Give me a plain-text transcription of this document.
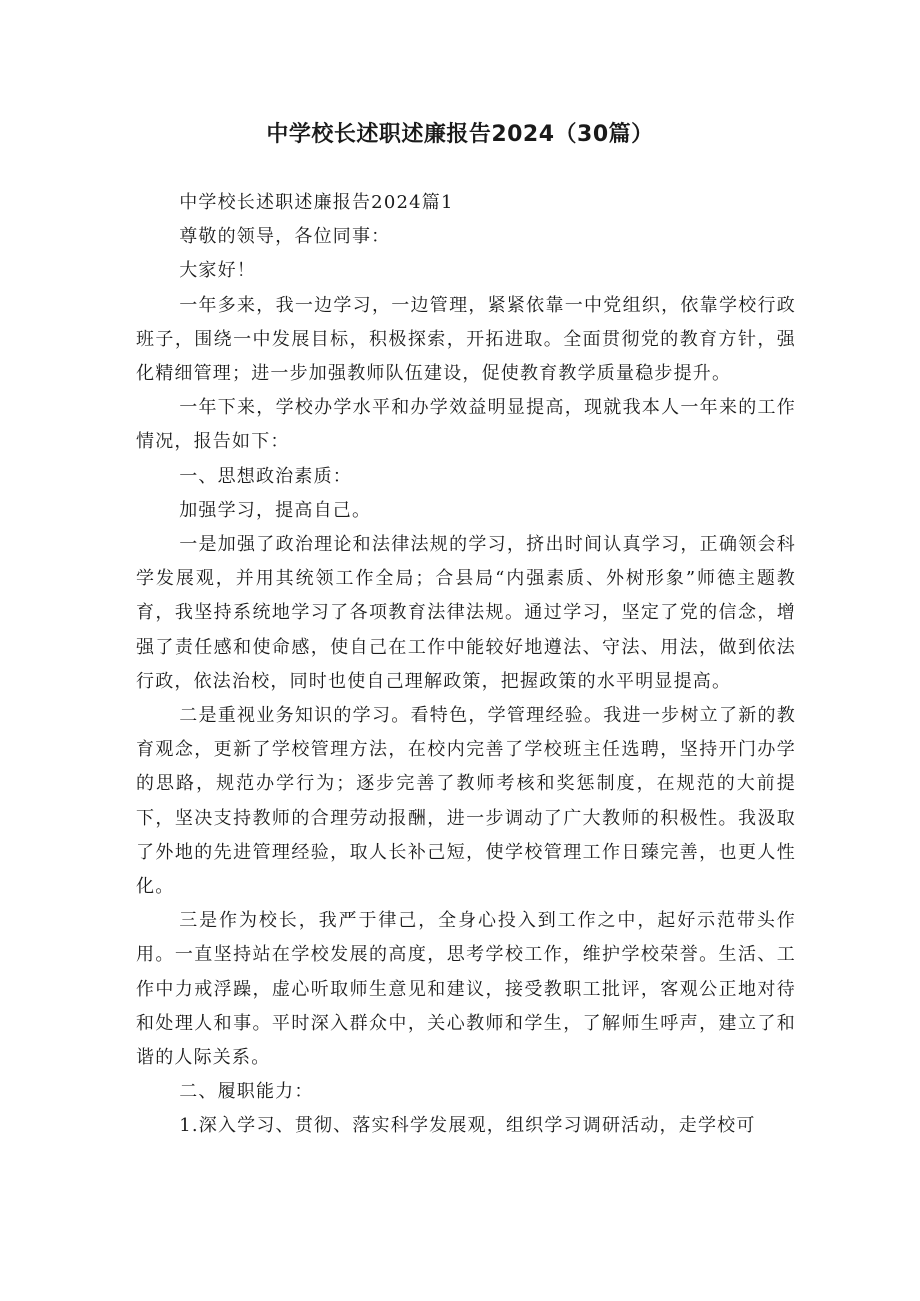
中学校长述职述廉报告2024（30篇）

中学校长述职述廉报告2024篇1

尊敬的领导，各位同事：

大家好！

一年多来，我一边学习，一边管理，紧紧依靠一中党组织，依靠学校行政班子，围绕一中发展目标，积极探索，开拓进取。全面贯彻党的教育方针，强化精细管理；进一步加强教师队伍建设，促使教育教学质量稳步提升。

一年下来，学校办学水平和办学效益明显提高，现就我本人一年来的工作情况，报告如下：

一、思想政治素质：

加强学习，提高自己。

一是加强了政治理论和法律法规的学习，挤出时间认真学习，正确领会科学发展观，并用其统领工作全局；合县局“内强素质、外树形象”师德主题教育，我坚持系统地学习了各项教育法律法规。通过学习，坚定了党的信念，增强了责任感和使命感，使自己在工作中能较好地遵法、守法、用法，做到依法行政，依法治校，同时也使自己理解政策，把握政策的水平明显提高。

二是重视业务知识的学习。看特色，学管理经验。我进一步树立了新的教育观念，更新了学校管理方法，在校内完善了学校班主任选聘，坚持开门办学的思路，规范办学行为；逐步完善了教师考核和奖惩制度，在规范的大前提下，坚决支持教师的合理劳动报酬，进一步调动了广大教师的积极性。我汲取了外地的先进管理经验，取人长补己短，使学校管理工作日臻完善，也更人性化。

三是作为校长，我严于律己，全身心投入到工作之中，起好示范带头作用。一直坚持站在学校发展的高度，思考学校工作，维护学校荣誉。生活、工作中力戒浮躁，虚心听取师生意见和建议，接受教职工批评，客观公正地对待和处理人和事。平时深入群众中，关心教师和学生，了解师生呼声，建立了和谐的人际关系。

二、履职能力：

1.深入学习、贯彻、落实科学发展观，组织学习调研活动，走学校可
